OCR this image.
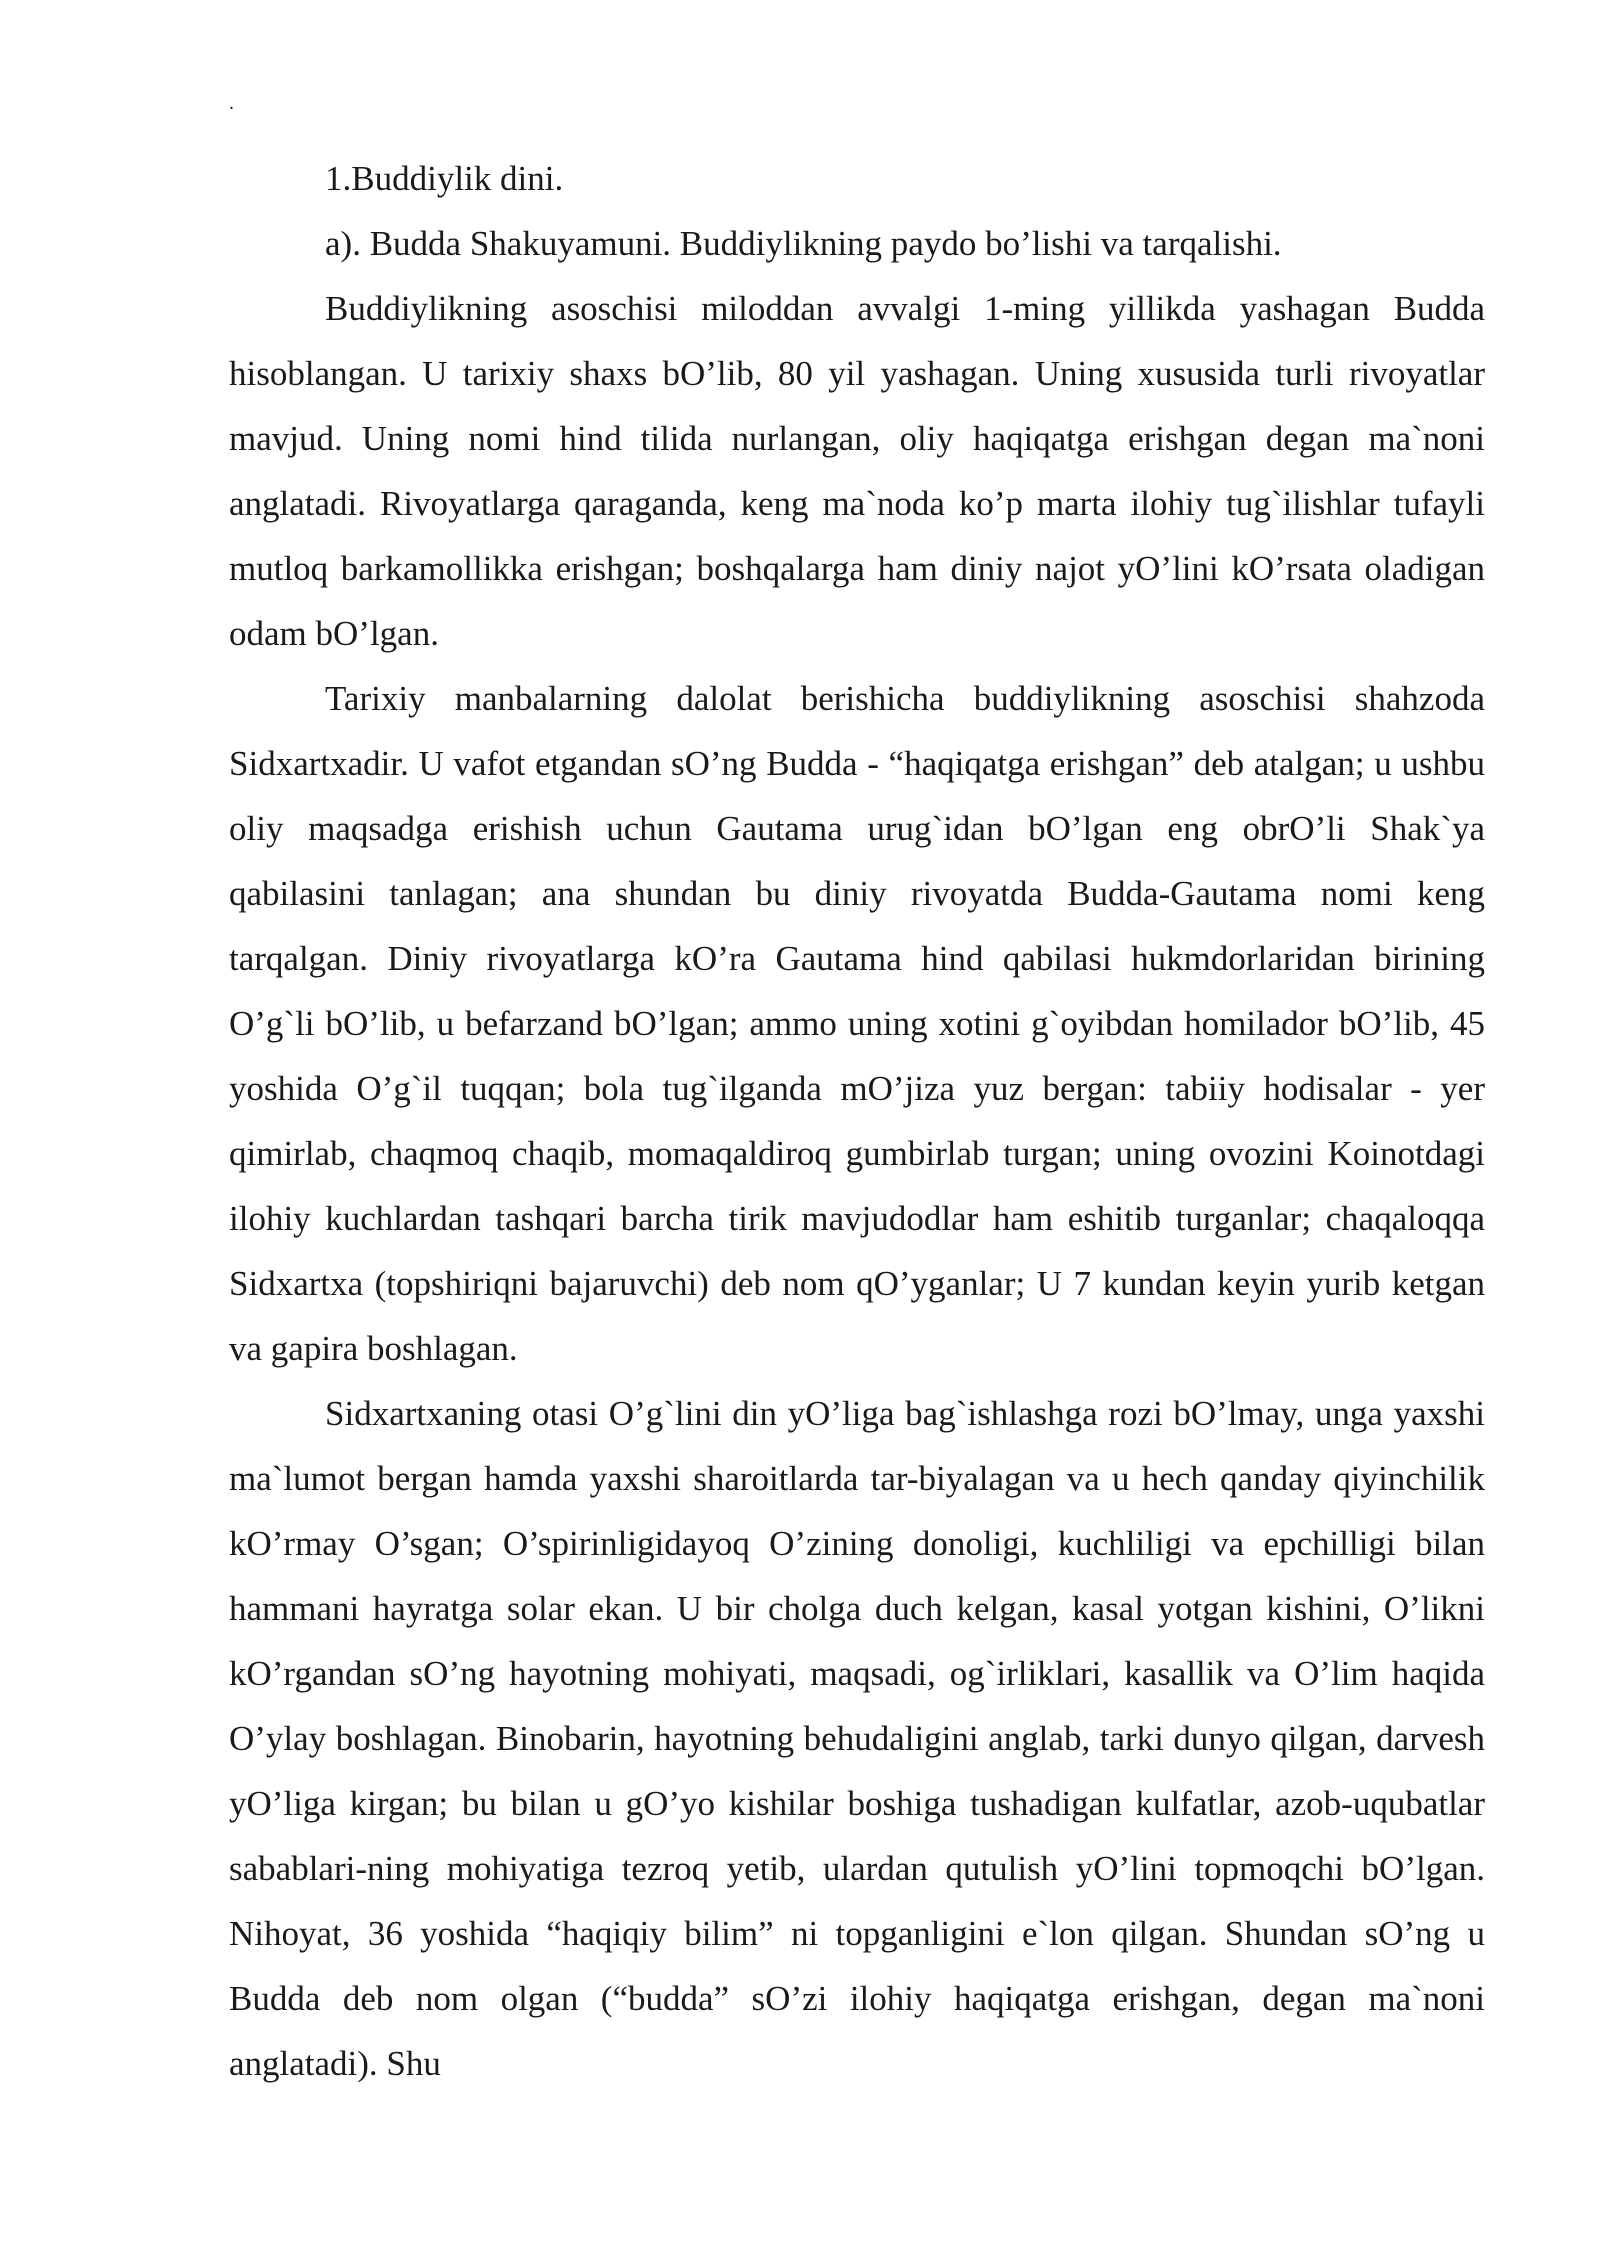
.

1.Buddiylik dini.
a). Budda Shakuyamuni. Buddiylikning paydo bo’lishi va tarqalishi.

Buddiylikning asoschisi miloddan avvalgi 1-ming yillikda yashagan Budda hisoblangan. U tarixiy shaxs bO’lib, 80 yil yashagan. Uning xususida turli rivoyatlar mavjud. Uning nomi hind tilida nurlangan, oliy haqiqatga erishgan degan ma`noni anglatadi. Rivoyatlarga qaraganda, keng ma`noda ko’p marta ilohiy tug`ilishlar tufayli mutloq barkamollikka erishgan; boshqalarga ham diniy najot yO’lini kO’rsata oladigan odam bO’lgan.

Tarixiy manbalarning dalolat berishicha buddiylikning asoschisi shahzoda Sidxartxadir. U vafot etgandan sO’ng Budda - “haqiqatga erishgan” deb atalgan; u ushbu oliy maqsadga erishish uchun Gautama urug`idan bO’lgan eng obrO’li Shak`ya qabilasini tanlagan; ana shundan bu diniy rivoyatda Budda-Gautama nomi keng tarqalgan. Diniy rivoyatlarga kO’ra Gautama hind qabilasi hukmdorlaridan birining O’g`li bO’lib, u befarzand bO’lgan; ammo uning xotini g`oyibdan homilador bO’lib, 45 yoshida O’g`il tuqqan; bola tug`ilganda mO’jiza yuz bergan: tabiiy hodisalar - yer qimirlab, chaqmoq chaqib, momaqaldiroq gumbirlab turgan; uning ovozini Koinotdagi ilohiy kuchlardan tashqari barcha tirik mavjudodlar ham eshitib turganlar; chaqaloqqa Sidxartxa (topshiriqni bajaruvchi) deb nom qO’yganlar; U 7 kundan keyin yurib ketgan va gapira boshlagan.

Sidxartxaning otasi O’g`lini din yO’liga bag`ishlashga rozi bO’lmay, unga yaxshi ma`lumot bergan hamda yaxshi sharoitlarda tar-biyalagan va u hech qanday qiyinchilik kO’rmay O’sgan; O’spirinligidayoq O’zining donoligi, kuchliligi va epchilligi bilan hammani hayratga solar ekan. U bir cholga duch kelgan, kasal yotgan kishini, O’likni kO’rgandan sO’ng hayotning mohiyati, maqsadi, og`irliklari, kasallik va O’lim haqida O’ylay boshlagan. Binobarin, hayotning behudaligini anglab, tarki dunyo qilgan, darvesh yO’liga kirgan; bu bilan u gO’yo kishilar boshiga tushadigan kulfatlar, azob-uqubatlar sabablari-ning mohiyatiga tezroq yetib, ulardan qutulish yO’lini topmoqchi bO’lgan. Nihoyat, 36 yoshida “haqiqiy bilim” ni topganligini e`lon qilgan. Shundan sO’ng u Budda deb nom olgan (“budda” sO’zi ilohiy haqiqatga erishgan, degan ma`noni anglatadi). Shu
